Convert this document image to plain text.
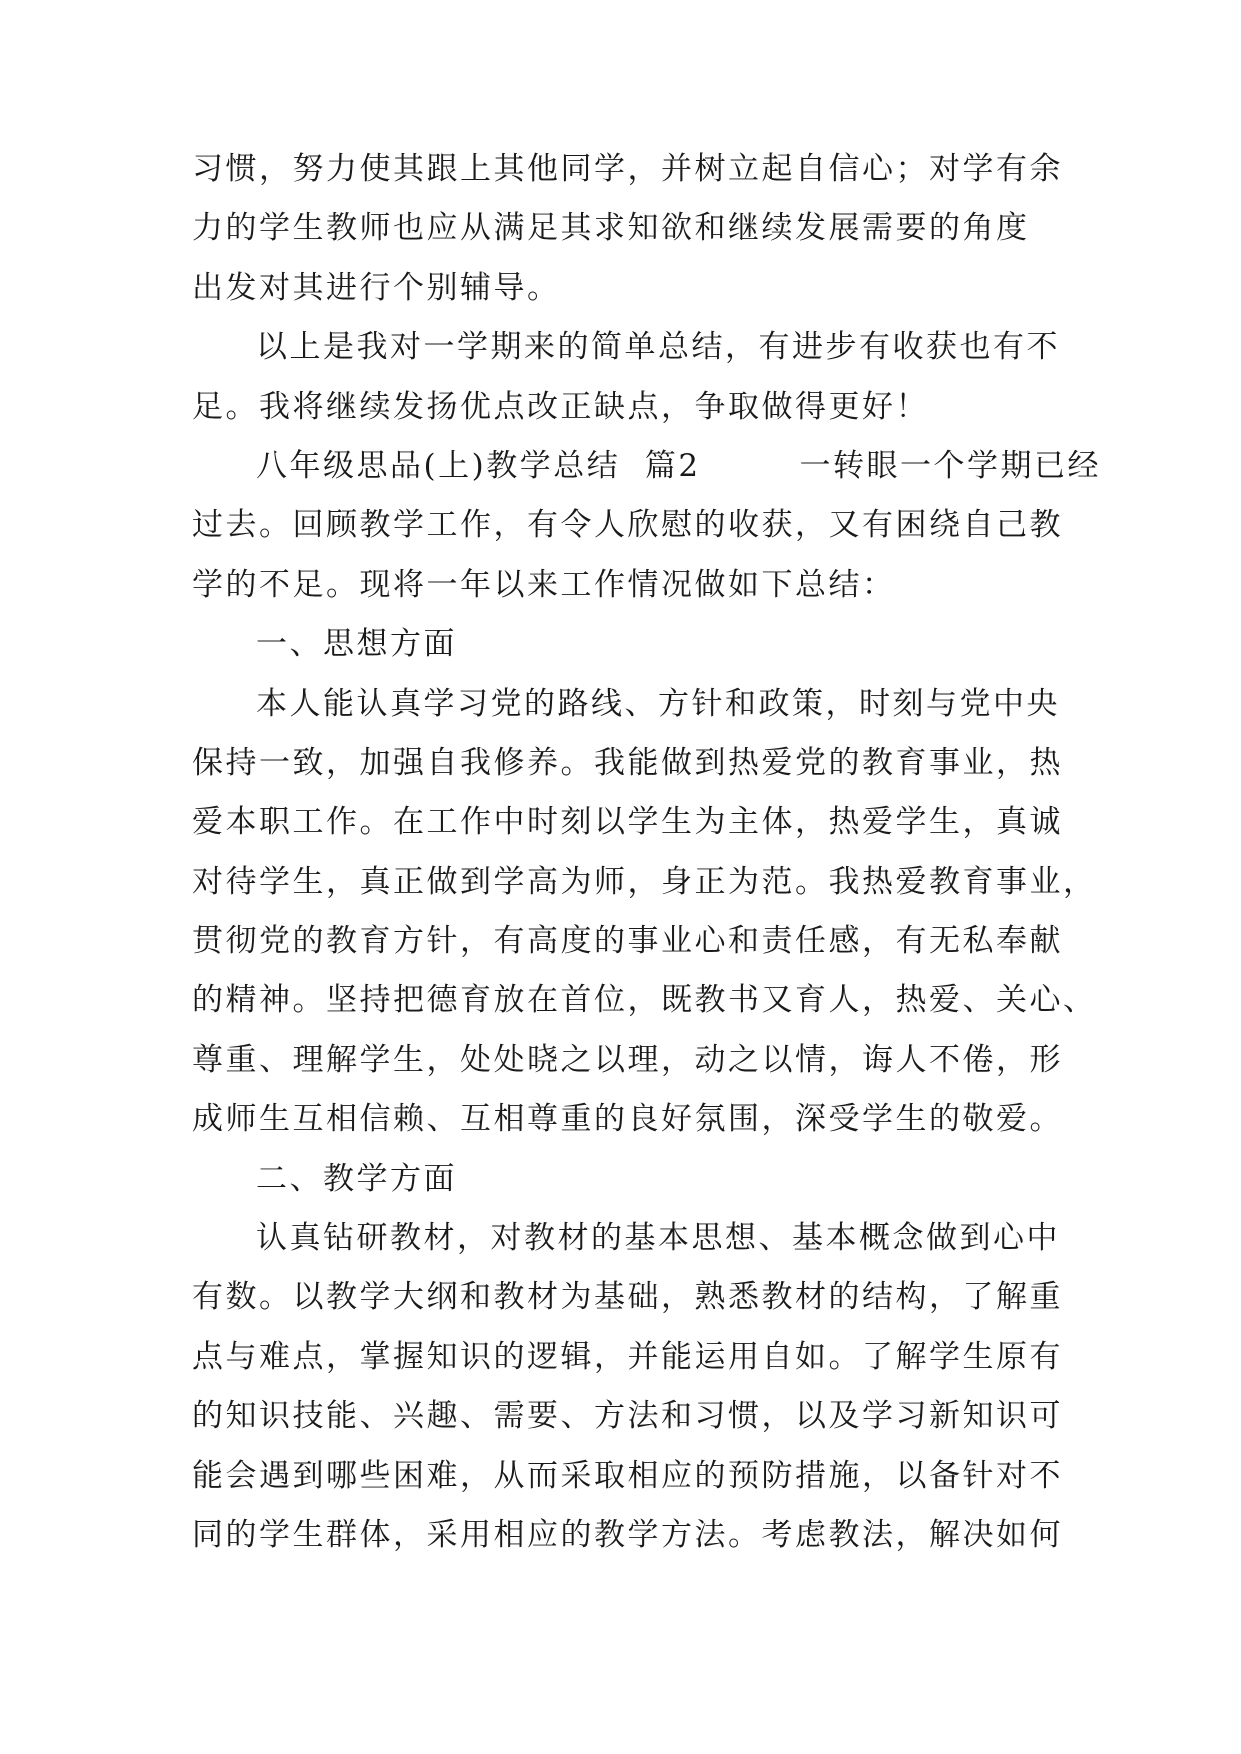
习惯，努力使其跟上其他同学，并树立起自信心；对学有余
力的学生教师也应从满足其求知欲和继续发展需要的角度
出发对其进行个别辅导。
以上是我对一学期来的简单总结，有进步有收获也有不
足。我将继续发扬优点改正缺点，争取做得更好！
八年级思品(上)教学总结  篇2        一转眼一个学期已经
过去。回顾教学工作，有令人欣慰的收获，又有困绕自己教
学的不足。现将一年以来工作情况做如下总结：
一、思想方面
本人能认真学习党的路线、方针和政策，时刻与党中央
保持一致，加强自我修养。我能做到热爱党的教育事业，热
爱本职工作。在工作中时刻以学生为主体，热爱学生，真诚
对待学生，真正做到学高为师，身正为范。我热爱教育事业，
贯彻党的教育方针，有高度的事业心和责任感，有无私奉献
的精神。坚持把德育放在首位，既教书又育人，热爱、关心、
尊重、理解学生，处处晓之以理，动之以情，诲人不倦，形
成师生互相信赖、互相尊重的良好氛围，深受学生的敬爱。
二、教学方面
认真钻研教材，对教材的基本思想、基本概念做到心中
有数。以教学大纲和教材为基础，熟悉教材的结构，了解重
点与难点，掌握知识的逻辑，并能运用自如。了解学生原有
的知识技能、兴趣、需要、方法和习惯，以及学习新知识可
能会遇到哪些困难，从而采取相应的预防措施，以备针对不
同的学生群体，采用相应的教学方法。考虑教法，解决如何
